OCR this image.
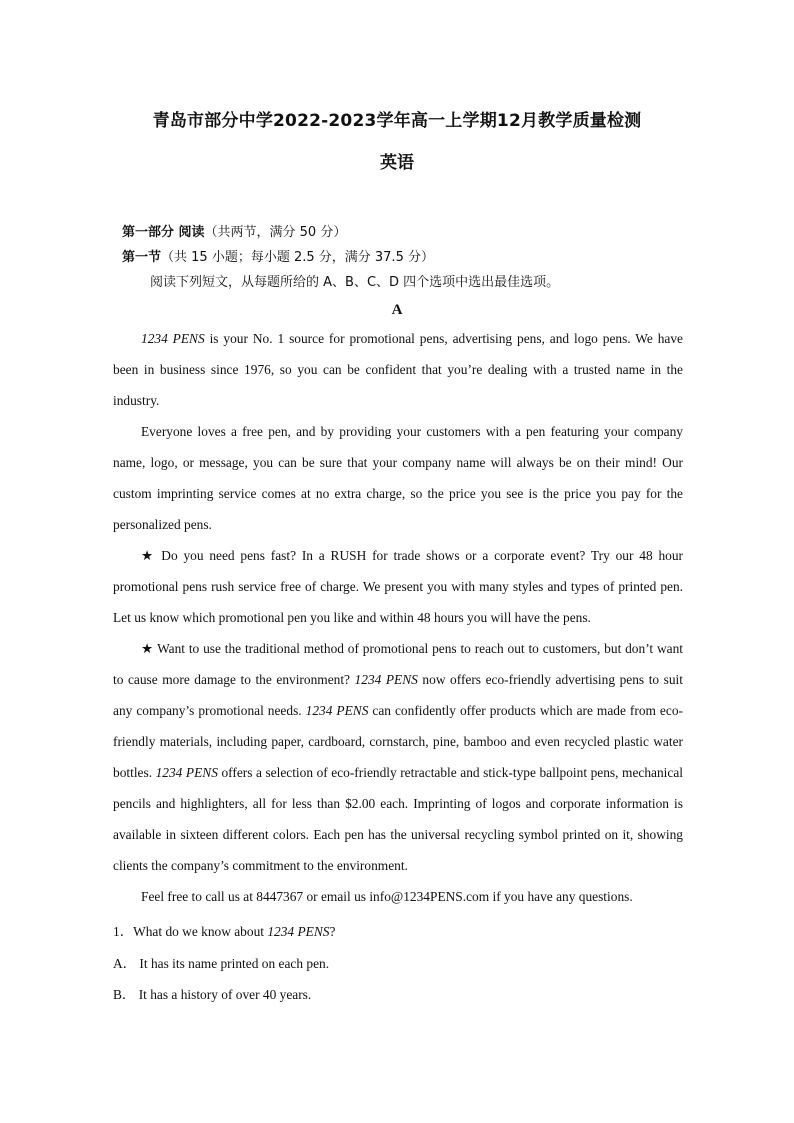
青岛市部分中学2022-2023学年高一上学期12月教学质量检测
英语
第一部分 阅读（共两节，满分 50 分）
第一节（共 15 小题；每小题 2.5 分，满分 37.5 分）
阅读下列短文，从每题所给的 A、B、C、D 四个选项中选出最佳选项。
A

1234 PENS is your No. 1 source for promotional pens, advertising pens, and logo pens. We have been in business since 1976, so you can be confident that you’re dealing with a trusted name in the industry.

Everyone loves a free pen, and by providing your customers with a pen featuring your company name, logo, or message, you can be sure that your company name will always be on their mind! Our custom imprinting service comes at no extra charge, so the price you see is the price you pay for the personalized pens.

★ Do you need pens fast? In a RUSH for trade shows or a corporate event? Try our 48 hour promotional pens rush service free of charge. We present you with many styles and types of printed pen. Let us know which promotional pen you like and within 48 hours you will have the pens.

★ Want to use the traditional method of promotional pens to reach out to customers, but don’t want to cause more damage to the environment? 1234 PENS now offers eco-friendly advertising pens to suit any company’s promotional needs. 1234 PENS can confidently offer products which are made from eco-friendly materials, including paper, cardboard, cornstarch, pine, bamboo and even recycled plastic water bottles. 1234 PENS offers a selection of eco-friendly retractable and stick-type ballpoint pens, mechanical pencils and highlighters, all for less than $2.00 each. Imprinting of logos and corporate information is available in sixteen different colors. Each pen has the universal recycling symbol printed on it, showing clients the company’s commitment to the environment.

Feel free to call us at 8447367 or email us info@1234PENS.com if you have any questions.

1．What do we know about 1234 PENS?
A． It has its name printed on each pen.
B． It has a history of over 40 years.
